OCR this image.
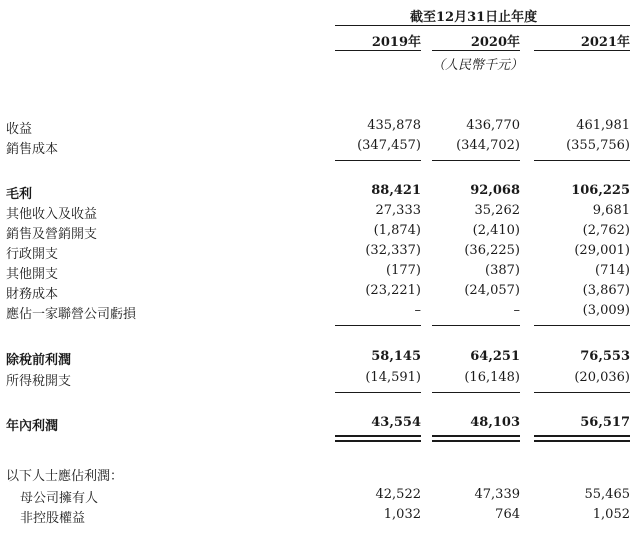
截至12月31日止年度
2019年	2020年	2021年
（人民幣千元）
收益	435,878	436,770	461,981
銷售成本	(347,457)	(344,702)	(355,756)
毛利	88,421	92,068	106,225
其他收入及收益	27,333	35,262	9,681
銷售及營銷開支	(1,874)	(2,410)	(2,762)
行政開支	(32,337)	(36,225)	(29,001)
其他開支	(177)	(387)	(714)
財務成本	(23,221)	(24,057)	(3,867)
應佔一家聯營公司虧損	–	–	(3,009)
除稅前利潤	58,145	64,251	76,553
所得稅開支	(14,591)	(16,148)	(20,036)
年內利潤	43,554	48,103	56,517
以下人士應佔利潤：
母公司擁有人	42,522	47,339	55,465
非控股權益	1,032	764	1,052
